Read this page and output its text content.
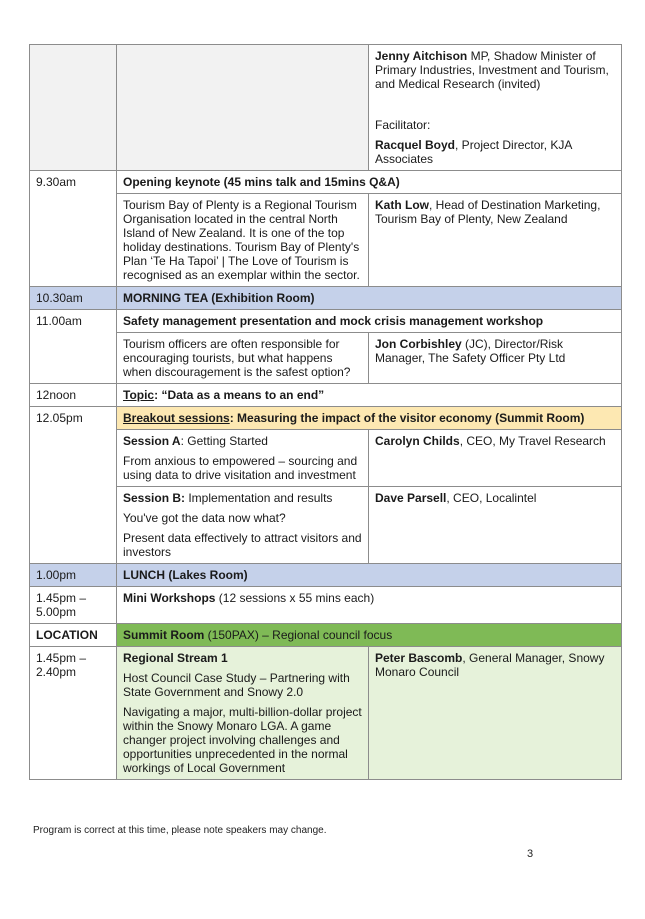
		Jenny Aitchison MP, Shadow Minister of Primary Industries, Investment and Tourism, and Medical Research (invited)

Facilitator:

Racquel Boyd, Project Director, KJA Associates

9.30am	Opening keynote (45 mins talk and 15mins Q&A)	
	Tourism Bay of Plenty is a Regional Tourism Organisation located in the central North Island of New Zealand. It is one of the top holiday destinations. Tourism Bay of Plenty's Plan ‘Te Ha Tapoi’ | The Love of Tourism is recognised as an exemplar within the sector.	Kath Low, Head of Destination Marketing, Tourism Bay of Plenty, New Zealand
10.30am	MORNING TEA (Exhibition Room)	
11.00am	Safety management presentation and mock crisis management workshop	
	Tourism officers are often responsible for encouraging tourists, but what happens when discouragement is the safest option?	Jon Corbishley (JC), Director/Risk Manager, The Safety Officer Pty Ltd
12noon	Topic: “Data as a means to an end”	
12.05pm	Breakout sessions: Measuring the impact of the visitor economy (Summit Room)	

	Session A: Getting Started

From anxious to empowered – sourcing and using data to drive visitation and investment	Carolyn Childs, CEO, My Travel Research

	Session B: Implementation and results

You've got the data now what?

Present data effectively to attract visitors and investors	Dave Parsell, CEO, Localintel
1.00pm	LUNCH (Lakes Room)	
1.45pm – 5.00pm	Mini Workshops (12 sessions x 55 mins each)	
LOCATION	Summit Room (150PAX) – Regional council focus	
1.45pm – 2.40pm	Regional Stream 1

Host Council Case Study – Partnering with State Government and Snowy 2.0

Navigating a major, multi-billion-dollar project within the Snowy Monaro LGA. A game changer project involving challenges and opportunities unprecedented in the normal workings of Local Government	Peter Bascomb, General Manager, Snowy Monaro Council
Program is correct at this time, please note speakers may change.
3
